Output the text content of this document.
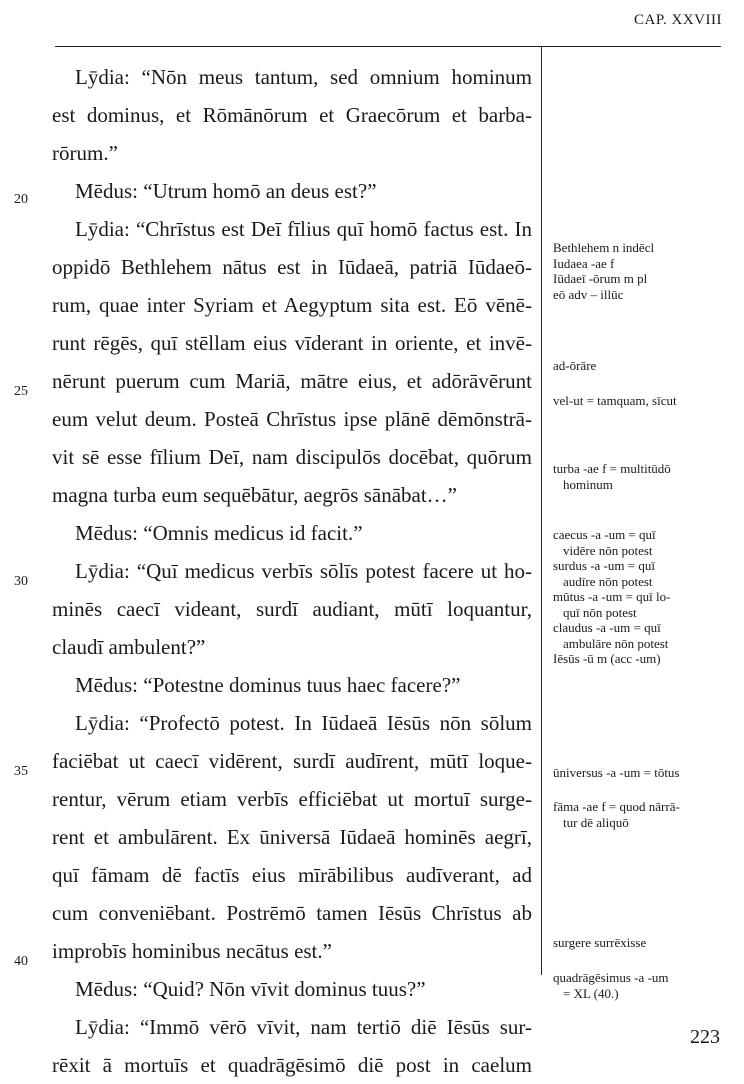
CAP. XXVIII
Lȳdia: “Nōn meus tantum, sed omnium hominum
est dominus, et Rōmānōrum et Graecōrum et barba-
rōrum.”
Mēdus: “Utrum homō an deus est?”
Lȳdia: “Chrīstus est Deī fīlius quī homō factus est. In
oppidō Bethlehem nātus est in Iūdaeā, patriā Iūdaeō-
rum, quae inter Syriam et Aegyptum sita est. Eō vēnē-
runt rēgēs, quī stēllam eius vīderant in oriente, et invē-
nērunt puerum cum Mariā, mātre eius, et adōrāvērunt
eum velut deum. Posteā Chrīstus ipse plānē dēmōnstrā-
vit sē esse fīlium Deī, nam discipulōs docēbat, quōrum
magna turba eum sequēbātur, aegrōs sānābat…”
Mēdus: “Omnis medicus id facit.”
Lȳdia: “Quī medicus verbīs sōlīs potest facere ut ho-
minēs caecī videant, surdī audiant, mūtī loquantur,
claudī ambulent?”
Mēdus: “Potestne dominus tuus haec facere?”
Lȳdia: “Profectō potest. In Iūdaeā Iēsūs nōn sōlum
faciēbat ut caecī vidērent, surdī audīrent, mūtī loque-
rentur, vērum etiam verbīs efficiēbat ut mortuī surge-
rent et ambulārent. Ex ūniversā Iūdaeā hominēs aegrī,
quī fāmam dē factīs eius mīrābilibus audīverant, ad
cum conveniēbant. Postrēmō tamen Iēsūs Chrīstus ab
improbīs hominibus necātus est.”
Mēdus: “Quid? Nōn vīvit dominus tuus?”
Lȳdia: “Immō vērō vīvit, nam tertiō diē Iēsūs sur-
rēxit ā mortuīs et quadrāgēsimō diē post in caelum
20
25
30
35
40
Bethlehem n indēcl
Iudaea -ae f
Iūdaeī -ōrum m pl
eō adv – illūc
ad-ōrāre
vel-ut = tamquam, sīcut
turba -ae f = multitūdō
hominum
caecus -a -um = quī
vidēre nōn potest
surdus -a -um = quī
audīre nōn potest
mūtus -a -um = quī lo-
quī nōn potest
claudus -a -um = quī
ambulāre nōn potest
Iēsūs -ū m (acc -um)
ūniversus -a -um = tōtus
fāma -ae f = quod nārrā-
tur dē aliquō
surgere surrēxisse
quadrāgēsimus -a -um
= XL (40.)
223
